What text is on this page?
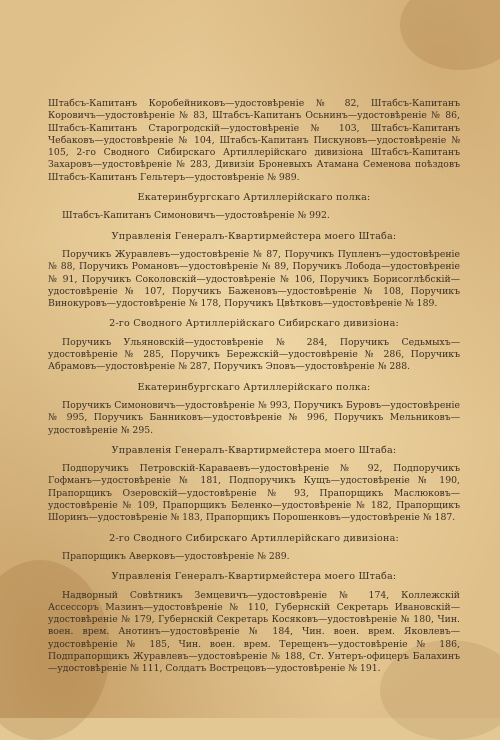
Штабсъ-Капитанъ Коробейниковъ—удостовѣреніе № 82, Штабсъ-Капитанъ Коровичъ—удостовѣреніе № 83, Штабсъ-Капитанъ Осьнинъ—удостовѣреніе № 86, Штабсъ-Капитанъ Старогродскій—удостовѣреніе № 103, Штабсъ-Капитанъ Чебаковъ—удостовѣреніе № 104, Штабсъ-Капитанъ Пискуновъ—удостовѣреніе № 105, 2-го Сводного Сибирскаго Артиллерійскаго дивизіона Штабсъ-Капитанъ Захаровъ—удостовѣреніе № 283, Дивизіи Броневыхъ Атамана Семенова поѣздовъ Штабсъ-Капитанъ Гельтеръ—удостовѣреніе № 989.

Екатеринбургскаго Артиллерійскаго полка:

Штабсъ-Капитанъ Симоновичъ—удостовѣреніе № 992.

Управленія Генералъ-Квартирмейстера моего Штаба:

Поручикъ Журавлевъ—удостовѣреніе № 87, Поручикъ Пупленъ—удостовѣреніе № 88, Поручикъ Романовъ—удостовѣреніе № 89, Поручикъ Лобода—удостовѣреніе № 91, Поручикъ Соколовскій—удостовѣреніе № 106, Поручикъ Борисоглѣбскій—удостовѣреніе № 107, Поручикъ Баженовъ—удостовѣреніе № 108, Поручикъ Винокуровъ—удостовѣреніе № 178, Поручикъ Цвѣтковъ—удостовѣреніе № 189.

2-го Сводного Артиллерійскаго Сибирскаго дивизіона:

Поручикъ Ульяновскій—удостовѣреніе № 284, Поручикъ Седьмыхъ—удостовѣреніе № 285, Поручикъ Бережскій—удостовѣреніе № 286, Поручикъ Абрамовъ—удостовѣреніе № 287, Поручикъ Эповъ—удостовѣреніе № 288.

Екатеринбургскаго Артиллерійскаго полка:

Поручикъ Симоновичъ—удостовѣреніе № 993, Поручикъ Буровъ—удостовѣреніе № 995, Поручикъ Банниковъ—удостовѣреніе № 996, Поручикъ Мельниковъ—удостовѣреніе № 295.

Управленія Генералъ-Квартирмейстера моего Штаба:

Подпоручикъ Петровскій-Караваевъ—удостовѣреніе № 92, Подпоручикъ Гофманъ—удостовѣреніе № 181, Подпоручикъ Кущъ—удостовѣреніе № 190, Прапорщикъ Озеровскій—удостовѣреніе № 93, Прапорщикъ Маслюковъ—удостовѣреніе № 109, Прапорщикъ Беленко—удостовѣреніе № 182, Прапорщикъ Шоринъ—удостовѣреніе № 183, Прапорщикъ Порошенковъ—удостовѣреніе № 187.

2-го Сводного Сибирскаго Артиллерійскаго дивизіона:

Прапорщикъ Аверковъ—удостовѣреніе № 289.

Управленія Генералъ-Квартирмейстера моего Штаба:

Надворный Совѣтникъ Земцевичъ—удостовѣреніе № 174, Коллежскій Ассессоръ Мазинъ—удостовѣреніе № 110, Губернскій Секретарь Ивановскій—удостовѣреніе № 179, Губернскій Секретарь Косяковъ—удостовѣреніе № 180, Чин. воен. врем. Анотинъ—удостовѣреніе № 184, Чин. воен. врем. Яковлевъ—удостовѣреніе № 185, Чин. воен. врем. Терещенъ—удостовѣреніе № 186, Подпрапорщикъ Журавлевъ—удостовѣреніе № 188, Ст. Унтеръ-офицеръ Балахинъ—удостовѣреніе № 111, Солдатъ Вострецовъ—удостовѣреніе № 191.
